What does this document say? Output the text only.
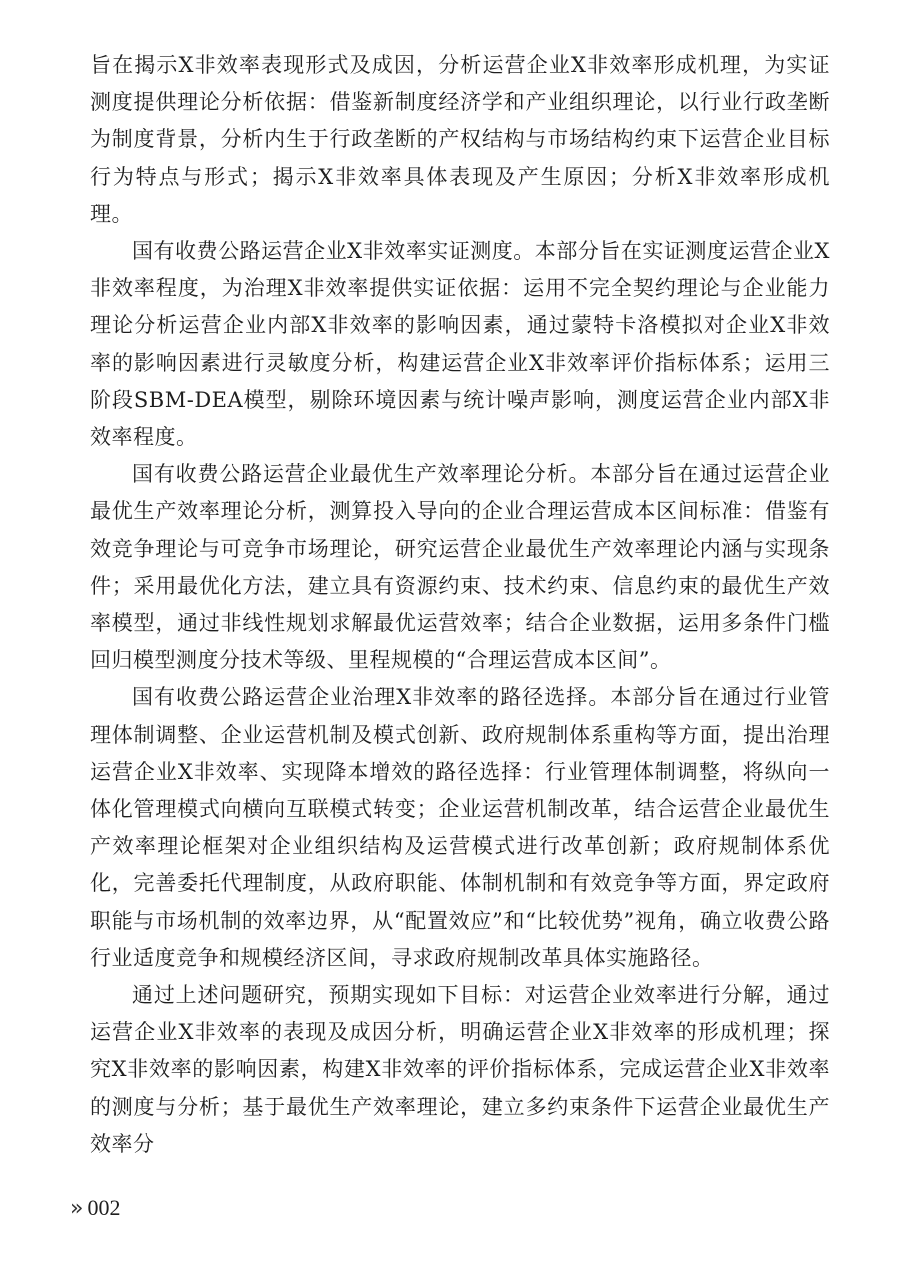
旨在揭示X非效率表现形式及成因，分析运营企业X非效率形成机理，为实证测度提供理论分析依据：借鉴新制度经济学和产业组织理论，以行业行政垄断为制度背景，分析内生于行政垄断的产权结构与市场结构约束下运营企业目标行为特点与形式；揭示X非效率具体表现及产生原因；分析X非效率形成机理。

国有收费公路运营企业X非效率实证测度。本部分旨在实证测度运营企业X非效率程度，为治理X非效率提供实证依据：运用不完全契约理论与企业能力理论分析运营企业内部X非效率的影响因素，通过蒙特卡洛模拟对企业X非效率的影响因素进行灵敏度分析，构建运营企业X非效率评价指标体系；运用三阶段SBM-DEA模型，剔除环境因素与统计噪声影响，测度运营企业内部X非效率程度。

国有收费公路运营企业最优生产效率理论分析。本部分旨在通过运营企业最优生产效率理论分析，测算投入导向的企业合理运营成本区间标准：借鉴有效竞争理论与可竞争市场理论，研究运营企业最优生产效率理论内涵与实现条件；采用最优化方法，建立具有资源约束、技术约束、信息约束的最优生产效率模型，通过非线性规划求解最优运营效率；结合企业数据，运用多条件门槛回归模型测度分技术等级、里程规模的“合理运营成本区间”。

国有收费公路运营企业治理X非效率的路径选择。本部分旨在通过行业管理体制调整、企业运营机制及模式创新、政府规制体系重构等方面，提出治理运营企业X非效率、实现降本增效的路径选择：行业管理体制调整，将纵向一体化管理模式向横向互联模式转变；企业运营机制改革，结合运营企业最优生产效率理论框架对企业组织结构及运营模式进行改革创新；政府规制体系优化，完善委托代理制度，从政府职能、体制机制和有效竞争等方面，界定政府职能与市场机制的效率边界，从“配置效应”和“比较优势”视角，确立收费公路行业适度竞争和规模经济区间，寻求政府规制改革具体实施路径。

通过上述问题研究，预期实现如下目标：对运营企业效率进行分解，通过运营企业X非效率的表现及成因分析，明确运营企业X非效率的形成机理；探究X非效率的影响因素，构建X非效率的评价指标体系，完成运营企业X非效率的测度与分析；基于最优生产效率理论，建立多约束条件下运营企业最优生产效率分

» 002
